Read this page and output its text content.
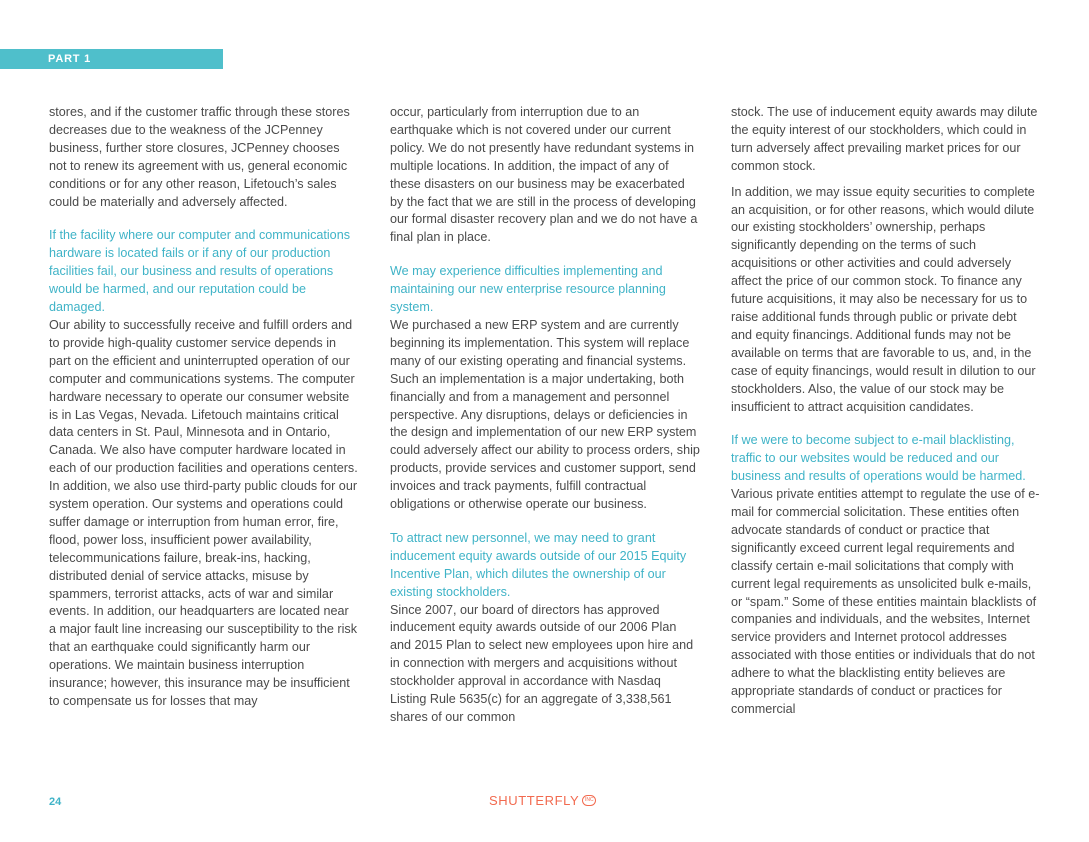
PART 1

stores, and if the customer traffic through these stores decreases due to the weakness of the JCPenney business, further store closures, JCPenney chooses not to renew its agreement with us, general economic conditions or for any other reason, Lifetouch’s sales could be materially and adversely affected.

If the facility where our computer and communications hardware is located fails or if any of our production facilities fail, our business and results of operations would be harmed, and our reputation could be damaged.

Our ability to successfully receive and fulfill orders and to provide high-quality customer service depends in part on the efficient and uninterrupted operation of our computer and communications systems. The computer hardware necessary to operate our consumer website is in Las Vegas, Nevada. Lifetouch maintains critical data centers in St. Paul, Minnesota and in Ontario, Canada. We also have computer hardware located in each of our production facilities and operations centers. In addition, we also use third-party public clouds for our system operation. Our systems and operations could suffer damage or interruption from human error, fire, flood, power loss, insufficient power availability, telecommunications failure, break-ins, hacking, distributed denial of service attacks, misuse by spammers, terrorist attacks, acts of war and similar events. In addition, our headquarters are located near a major fault line increasing our susceptibility to the risk that an earthquake could significantly harm our operations. We maintain business interruption insurance; however, this insurance may be insufficient to compensate us for losses that may

occur, particularly from interruption due to an earthquake which is not covered under our current policy. We do not presently have redundant systems in multiple locations. In addition, the impact of any of these disasters on our business may be exacerbated by the fact that we are still in the process of developing our formal disaster recovery plan and we do not have a final plan in place.

We may experience difficulties implementing and maintaining our new enterprise resource planning system.

We purchased a new ERP system and are currently beginning its implementation. This system will replace many of our existing operating and financial systems. Such an implementation is a major undertaking, both financially and from a management and personnel perspective. Any disruptions, delays or deficiencies in the design and implementation of our new ERP system could adversely affect our ability to process orders, ship products, provide services and customer support, send invoices and track payments, fulfill contractual obligations or otherwise operate our business.

To attract new personnel, we may need to grant inducement equity awards outside of our 2015 Equity Incentive Plan, which dilutes the ownership of our existing stockholders.

Since 2007, our board of directors has approved inducement equity awards outside of our 2006 Plan and 2015 Plan to select new employees upon hire and in connection with mergers and acquisitions without stockholder approval in accordance with Nasdaq Listing Rule 5635(c) for an aggregate of 3,338,561 shares of our common

stock. The use of inducement equity awards may dilute the equity interest of our stockholders, which could in turn adversely affect prevailing market prices for our common stock.

In addition, we may issue equity securities to complete an acquisition, or for other reasons, which would dilute our existing stockholders’ ownership, perhaps significantly depending on the terms of such acquisitions or other activities and could adversely affect the price of our common stock. To finance any future acquisitions, it may also be necessary for us to raise additional funds through public or private debt and equity financings. Additional funds may not be available on terms that are favorable to us, and, in the case of equity financings, would result in dilution to our stockholders. Also, the value of our stock may be insufficient to attract acquisition candidates.

If we were to become subject to e-mail blacklisting, traffic to our websites would be reduced and our business and results of operations would be harmed.

Various private entities attempt to regulate the use of e-mail for commercial solicitation. These entities often advocate standards of conduct or practice that significantly exceed current legal requirements and classify certain e-mail solicitations that comply with current legal requirements as unsolicited bulk e-mails, or “spam.” Some of these entities maintain blacklists of companies and individuals, and the websites, Internet service providers and Internet protocol addresses associated with those entities or individuals that do not adhere to what the blacklisting entity believes are appropriate standards of conduct or practices for commercial

24	SHUTTERFLY	INC
